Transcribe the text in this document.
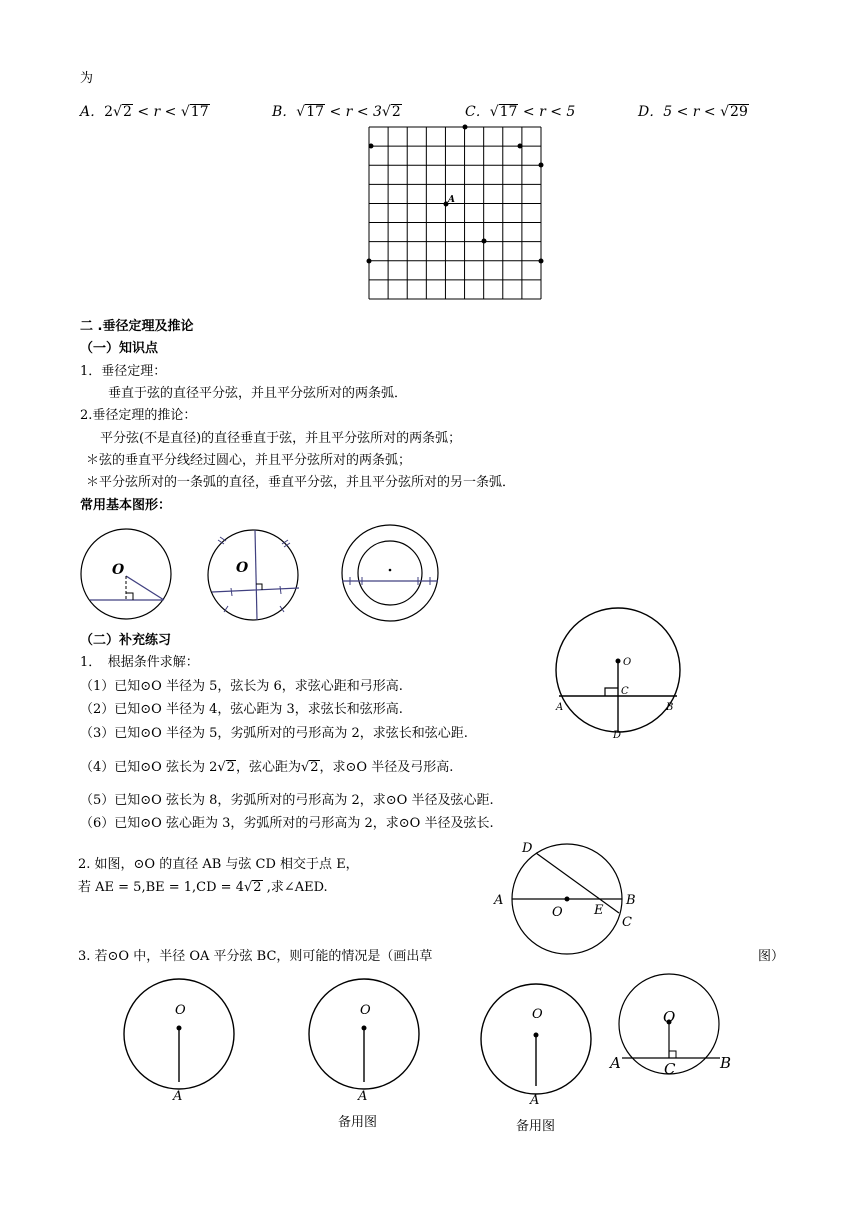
为
A．2√2 < r < √17	B．√17 < r < 3√2	C．√17 < r < 5	D．5 < r < √29
A
二 .垂径定理及推论
（一）知识点
1．垂径定理：
垂直于弦的直径平分弦，并且平分弦所对的两条弧．
2.垂径定理的推论：
平分弦(不是直径)的直径垂直于弦，并且平分弦所对的两条弧；
＊弦的垂直平分线经过圆心，并且平分弦所对的两条弧；
＊平分弦所对的一条弧的直径，垂直平分弦，并且平分弦所对的另一条弧．
常用基本图形：
O	O
（二）补充练习
1．　根据条件求解：
（1）已知⊙O 半径为 5，弦长为 6，求弦心距和弓形高.
（2）已知⊙O 半径为 4，弦心距为 3，求弦长和弦形高.
（3）已知⊙O 半径为 5，劣弧所对的弓形高为 2，求弦长和弦心距.
（4）已知⊙O 弦长为 2√2，弦心距为√2，求⊙O 半径及弓形高.
（5）已知⊙O 弦长为 8，劣弧所对的弓形高为 2，求⊙O 半径及弦心距.
（6）已知⊙O 弦心距为 3，劣弧所对的弓形高为 2，求⊙O 半径及弦长.
O
C
A	B
D
2. 如图，⊙O 的直径 AB 与弦 CD 相交于点 E，
若 AE = 5,BE = 1,CD = 4√2 ,求∠AED.
D
B
A
O E
C
3. 若⊙O 中，半径 OA 平分弦 BC，则可能的情况是（画出草	图）
O
A
O
A
备用图
O
A
备用图
O
A	B
C
